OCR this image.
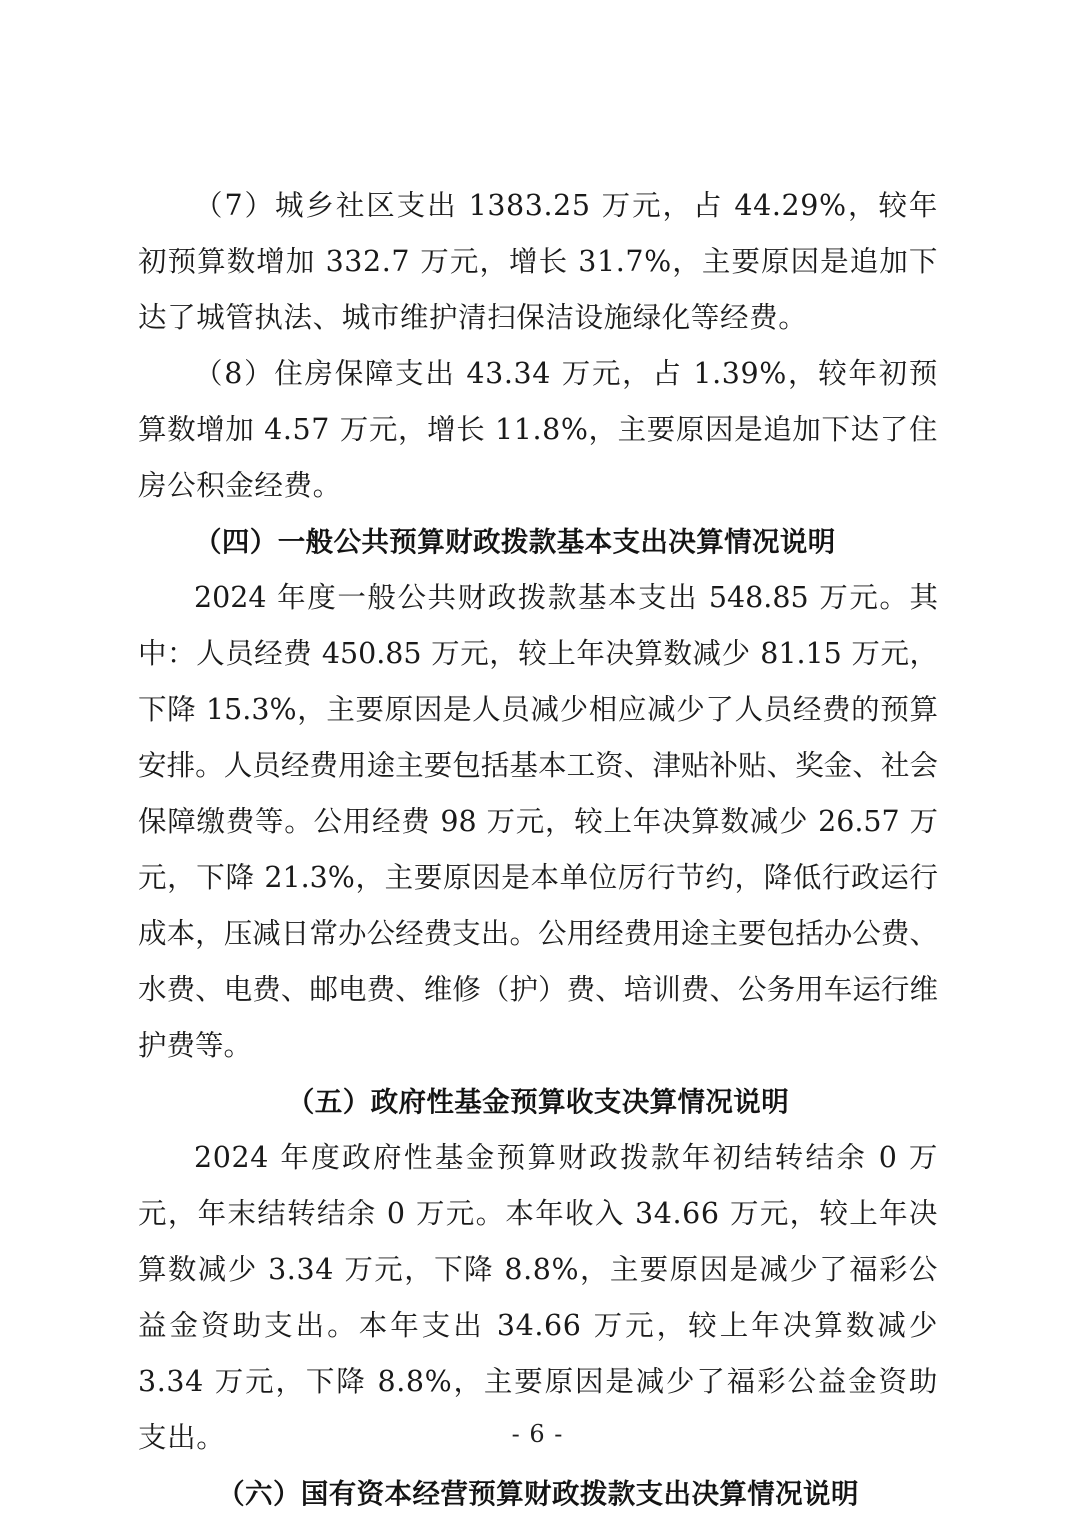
（7）城乡社区支出 1383.25 万元，占 44.29%，较年初预算数增加 332.7 万元，增长 31.7%，主要原因是追加下达了城管执法、城市维护清扫保洁设施绿化等经费。

（8）住房保障支出 43.34 万元，占 1.39%，较年初预算数增加 4.57 万元，增长 11.8%，主要原因是追加下达了住房公积金经费。

（四）一般公共预算财政拨款基本支出决算情况说明

2024 年度一般公共财政拨款基本支出 548.85 万元。其中：人员经费 450.85 万元，较上年决算数减少 81.15 万元，下降 15.3%，主要原因是人员减少相应减少了人员经费的预算安排。人员经费用途主要包括基本工资、津贴补贴、奖金、社会保障缴费等。公用经费 98 万元，较上年决算数减少 26.57 万元，下降 21.3%，主要原因是本单位厉行节约，降低行政运行成本，压减日常办公经费支出。公用经费用途主要包括办公费、水费、电费、邮电费、维修（护）费、培训费、公务用车运行维护费等。

（五）政府性基金预算收支决算情况说明

2024 年度政府性基金预算财政拨款年初结转结余 0 万元，年末结转结余 0 万元。本年收入 34.66 万元，较上年决算数减少 3.34 万元，下降 8.8%，主要原因是减少了福彩公益金资助支出。本年支出 34.66 万元，较上年决算数减少 3.34 万元，下降 8.8%，主要原因是减少了福彩公益金资助支出。

（六）国有资本经营预算财政拨款支出决算情况说明
- 6 -
